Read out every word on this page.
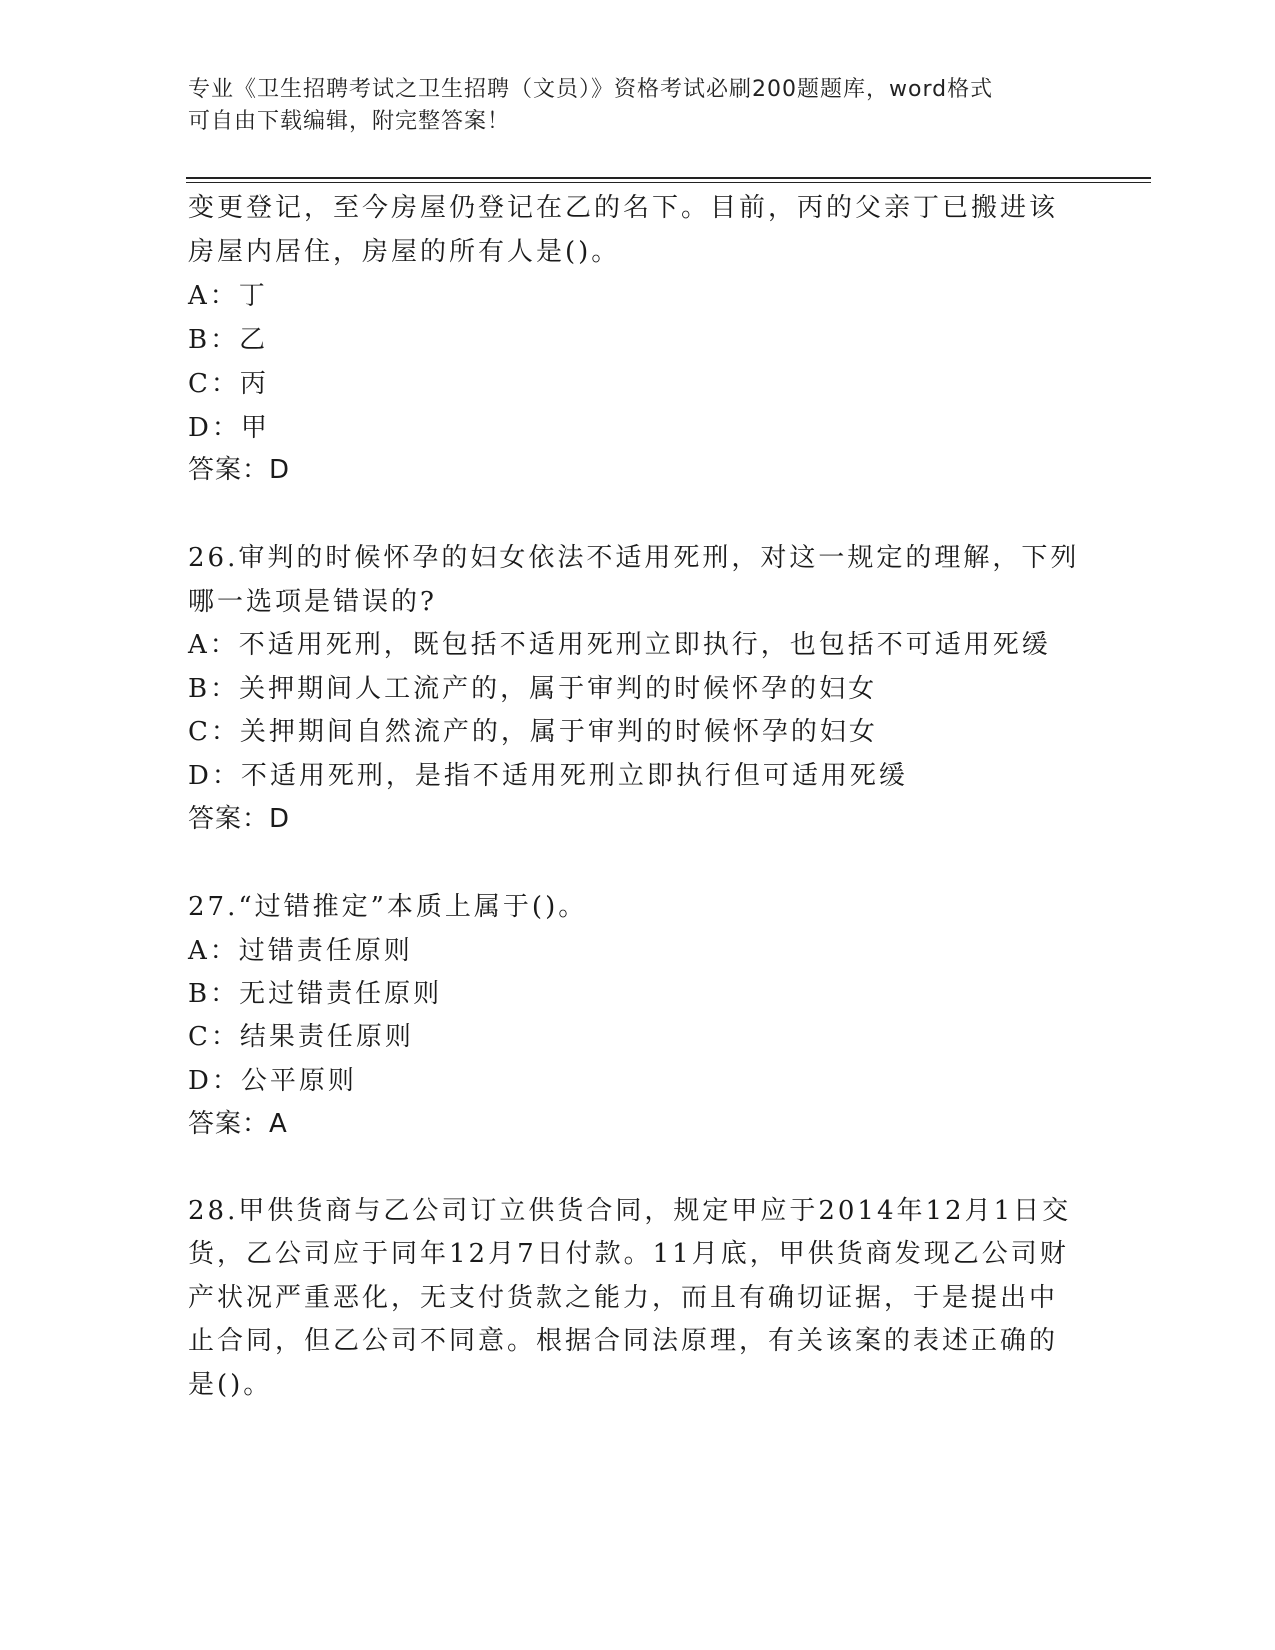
专业《卫生招聘考试之卫生招聘（文员）》资格考试必刷200题题库，word格式
可自由下载编辑，附完整答案！
变更登记，至今房屋仍登记在乙的名下。目前，丙的父亲丁已搬进该
房屋内居住，房屋的所有人是()。
A：丁
B：乙
C：丙
D：甲
答案：D
26.审判的时候怀孕的妇女依法不适用死刑，对这一规定的理解，下列
哪一选项是错误的?
A：不适用死刑，既包括不适用死刑立即执行，也包括不可适用死缓
B：关押期间人工流产的，属于审判的时候怀孕的妇女
C：关押期间自然流产的，属于审判的时候怀孕的妇女
D：不适用死刑，是指不适用死刑立即执行但可适用死缓
答案：D
27.“过错推定”本质上属于()。
A：过错责任原则
B：无过错责任原则
C：结果责任原则
D：公平原则
答案：A
28.甲供货商与乙公司订立供货合同，规定甲应于2014年12月1日交
货，乙公司应于同年12月7日付款。11月底，甲供货商发现乙公司财
产状况严重恶化，无支付货款之能力，而且有确切证据，于是提出中
止合同，但乙公司不同意。根据合同法原理，有关该案的表述正确的
是()。
